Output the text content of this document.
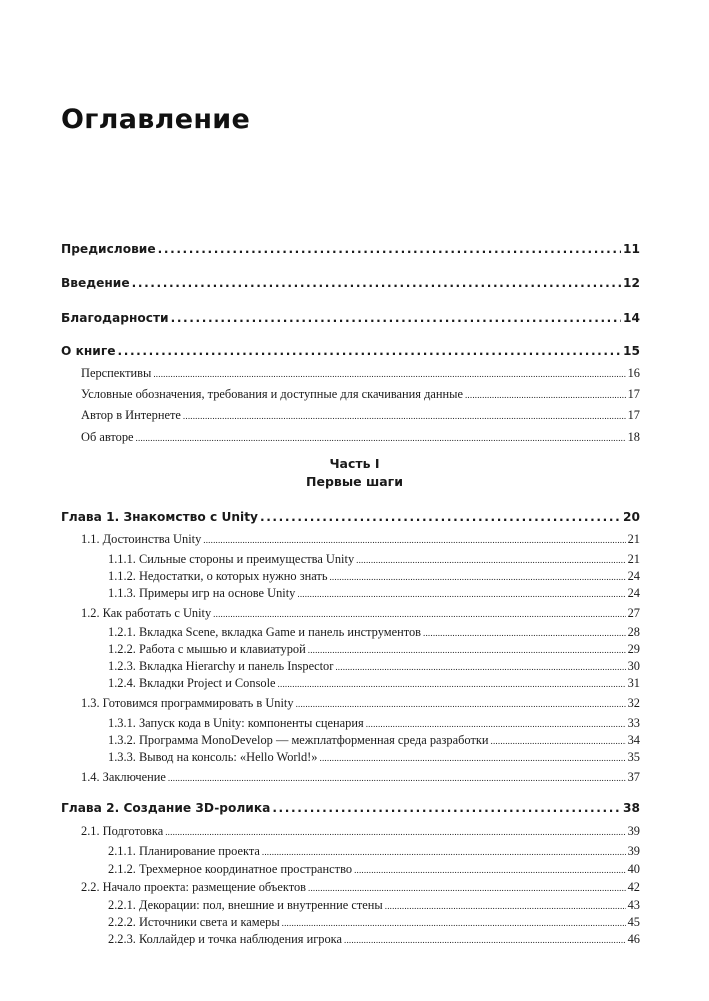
Оглавление
Предисловие .....	11
Введение .....	12
Благодарности .....	14
О книге .....	15
Перспективы .....	16
Условные обозначения, требования и доступные для скачивания данные .....	17
Автор в Интернете .....	17
Об авторе .....	18
Часть I
Первые шаги
Глава 1. Знакомство с Unity .....	20
1.1. Достоинства Unity .....	21
1.1.1. Сильные стороны и преимущества Unity .....	21
1.1.2. Недостатки, о которых нужно знать .....	24
1.1.3. Примеры игр на основе Unity .....	24
1.2. Как работать с Unity .....	27
1.2.1. Вкладка Scene, вкладка Game и панель инструментов .....	28
1.2.2. Работа с мышью и клавиатурой .....	29
1.2.3. Вкладка Hierarchy и панель Inspector .....	30
1.2.4. Вкладки Project и Console .....	31
1.3. Готовимся программировать в Unity .....	32
1.3.1. Запуск кода в Unity: компоненты сценария .....	33
1.3.2. Программа MonoDevelop — межплатформенная среда разработки .....	34
1.3.3. Вывод на консоль: «Hello World!» .....	35
1.4. Заключение .....	37
Глава 2. Создание 3D-ролика .....	38
2.1. Подготовка .....	39
2.1.1. Планирование проекта .....	39
2.1.2. Трехмерное координатное пространство .....	40
2.2. Начало проекта: размещение объектов .....	42
2.2.1. Декорации: пол, внешние и внутренние стены .....	43
2.2.2. Источники света и камеры .....	45
2.2.3. Коллайдер и точка наблюдения игрока .....	46
